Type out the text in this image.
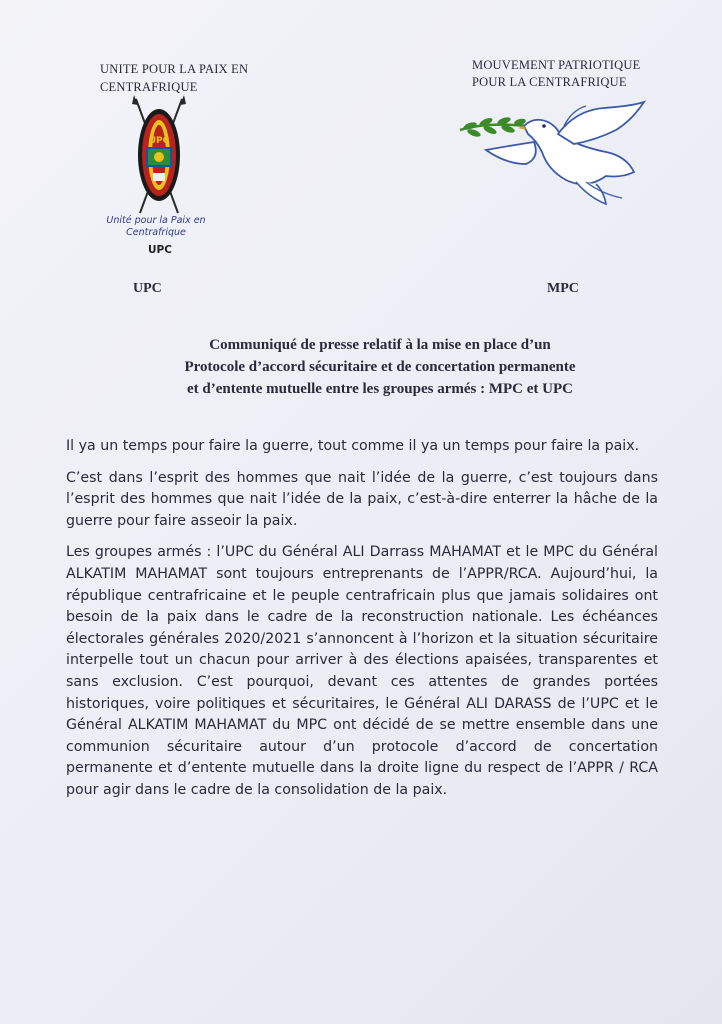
UNITE POUR LA PAIX EN CENTRAFRIQUE
MOUVEMENT PATRIOTIQUE
POUR LA CENTRAFRIQUE
UPC
Unité pour la Paix en Centrafrique
UPC
UPC	MPC
Communiqué de presse relatif à la mise en place d’un
Protocole d’accord sécuritaire et de concertation permanente
et d’entente mutuelle entre les groupes armés : MPC et UPC

Il ya un temps pour faire la guerre, tout comme il ya un temps pour faire la paix.

C’est dans l’esprit des hommes que nait l’idée de la guerre, c’est toujours dans l’esprit des hommes que nait l’idée de la paix, c’est-à-dire enterrer la hâche de la guerre pour faire asseoir la paix.

Les groupes armés : l’UPC du Général ALI Darrass MAHAMAT et le MPC du Général ALKATIM MAHAMAT sont toujours entreprenants de l’APPR/RCA. Aujourd’hui, la république centrafricaine et le peuple centrafricain plus que jamais solidaires ont besoin de la paix dans le cadre de la reconstruction nationale. Les échéances électorales générales 2020/2021 s’annoncent à l’horizon et la situation sécuritaire interpelle tout un chacun pour arriver à des élections apaisées, transparentes et sans exclusion. C’est pourquoi, devant ces attentes de grandes portées historiques, voire politiques et sécuritaires, le Général ALI DARASS de l’UPC et le Général ALKATIM MAHAMAT du MPC ont décidé de se mettre ensemble dans une communion sécuritaire autour d’un protocole d’accord de concertation permanente et d’entente mutuelle dans la droite ligne du respect de l’APPR / RCA pour agir dans le cadre de la consolidation de la paix.
